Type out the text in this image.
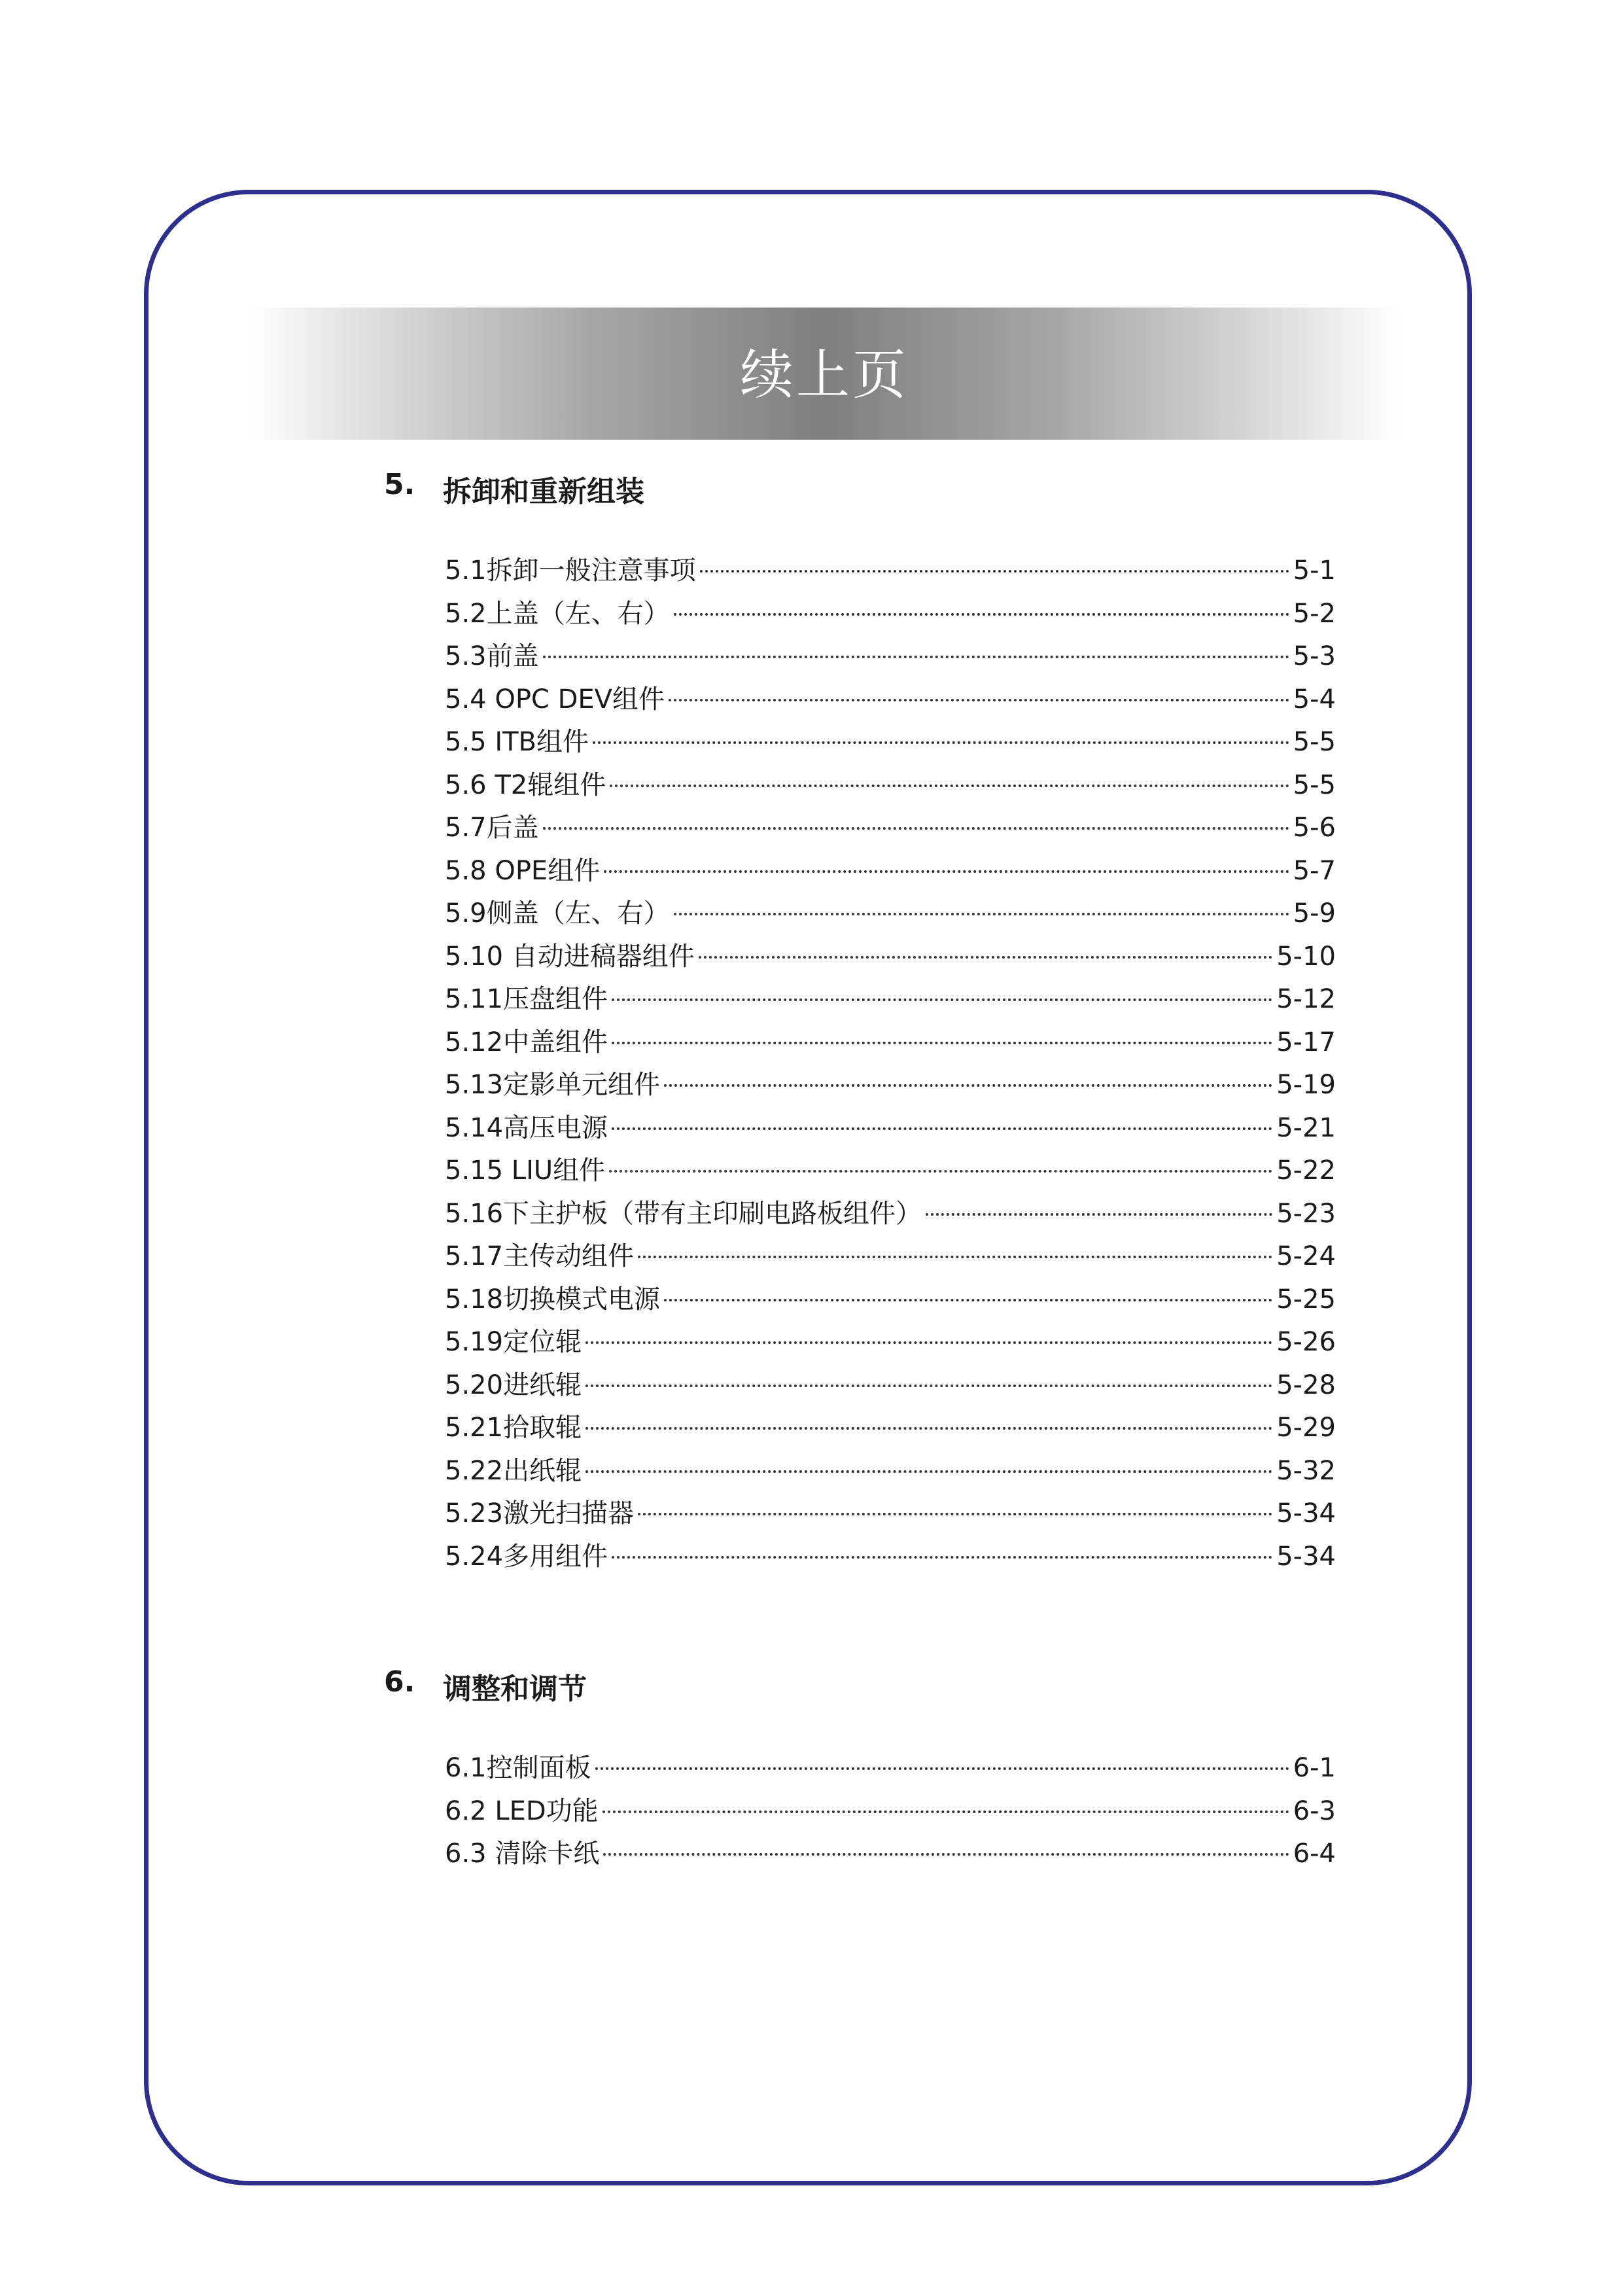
续上页
5. 拆卸和重新组装
5.1拆卸一般注意事项	5-1
5.2上盖（左、右）	5-2
5.3前盖	5-3
5.4 OPC DEV组件	5-4
5.5 ITB组件	5-5
5.6 T2辊组件	5-5
5.7后盖	5-6
5.8 OPE组件	5-7
5.9侧盖（左、右）	5-9
5.10 自动进稿器组件	5-10
5.11压盘组件	5-12
5.12中盖组件	5-17
5.13定影单元组件	5-19
5.14高压电源	5-21
5.15 LIU组件	5-22
5.16下主护板（带有主印刷电路板组件）	5-23
5.17主传动组件	5-24
5.18切换模式电源	5-25
5.19定位辊	5-26
5.20进纸辊	5-28
5.21拾取辊	5-29
5.22出纸辊	5-32
5.23激光扫描器	5-34
5.24多用组件	5-34
6. 调整和调节
6.1控制面板	6-1
6.2 LED功能	6-3
6.3 清除卡纸	6-4
